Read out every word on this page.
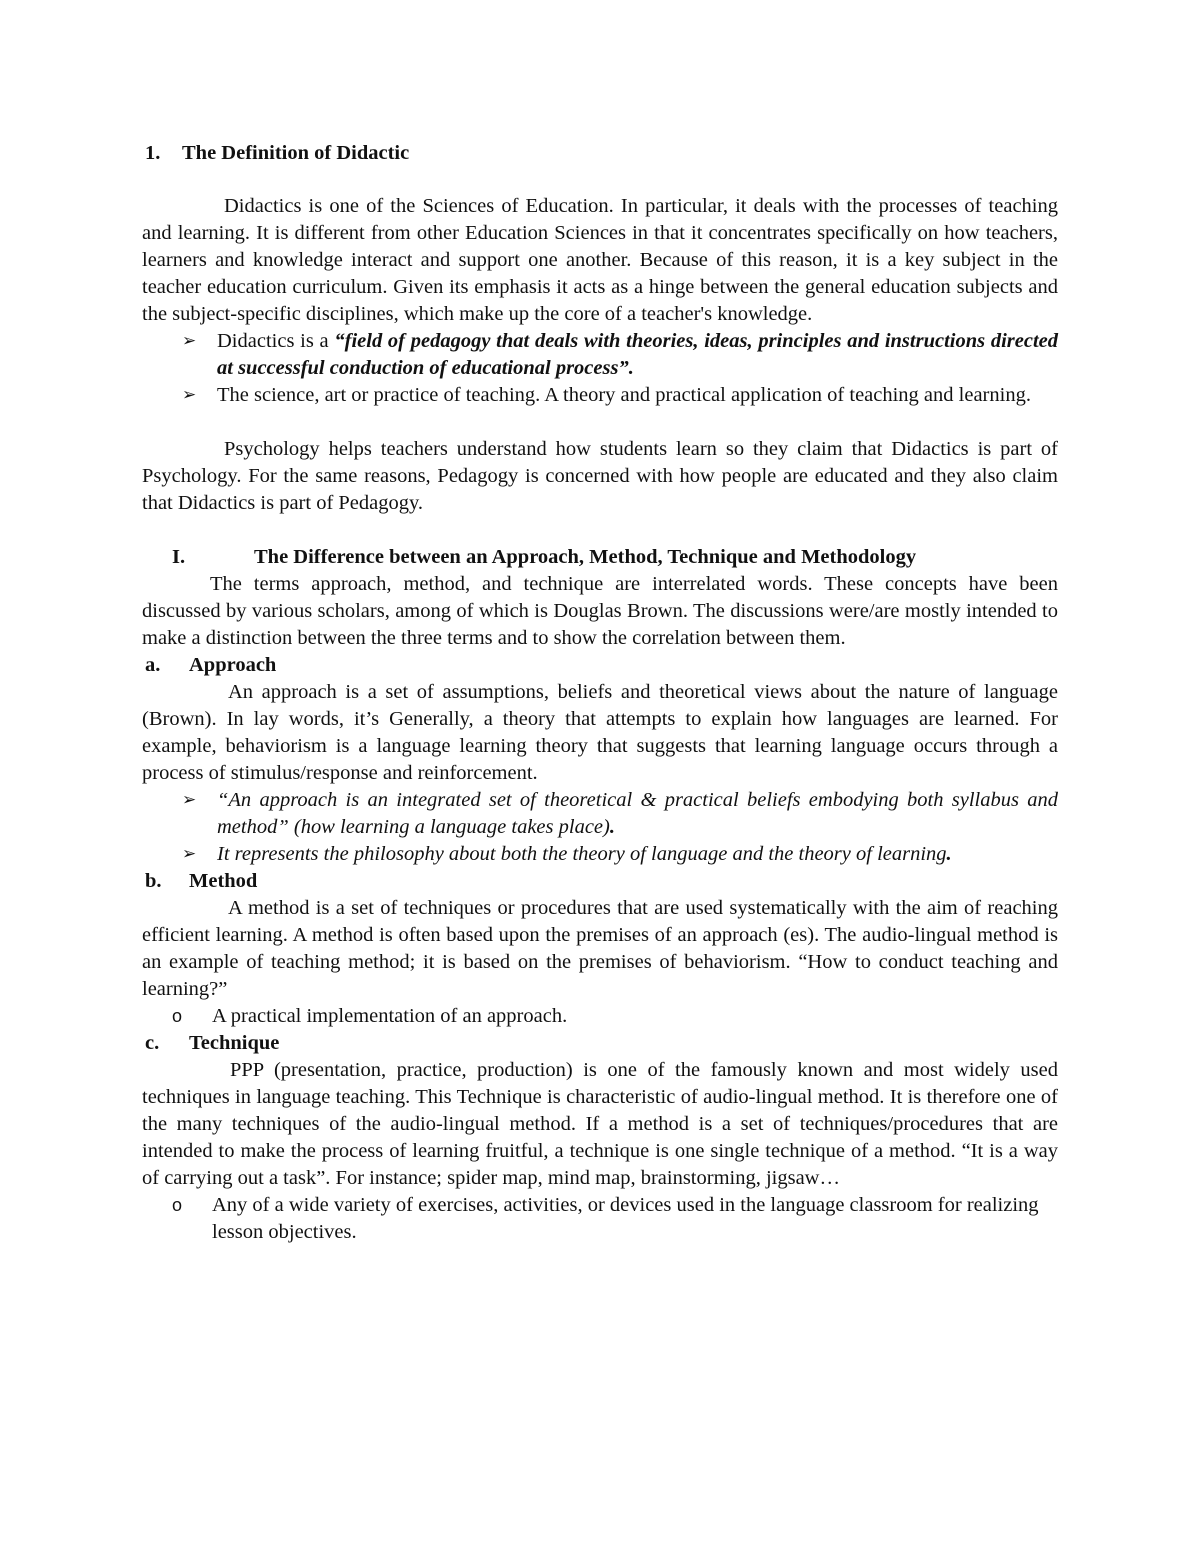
1.	The Definition of Didactic

Didactics is one of the Sciences of Education. In particular, it deals with the processes of teaching and learning. It is different from other Education Sciences in that it concentrates specifically on how teachers, learners and knowledge interact and support one another. Because of this reason, it is a key subject in the teacher education curriculum. Given its emphasis it acts as a hinge between the general education subjects and the subject-specific disciplines, which make up the core of a teacher's knowledge.

➢	Didactics is a “field of pedagogy that deals with theories, ideas, principles and instructions directed at successful conduction of educational process”.
➢	The science, art or practice of teaching. A theory and practical application of teaching and learning.

Psychology helps teachers understand how students learn so they claim that Didactics is part of Psychology. For the same reasons, Pedagogy is concerned with how people are educated and they also claim that Didactics is part of Pedagogy.

I.	The Difference between an Approach, Method, Technique and Methodology

The terms approach, method, and technique are interrelated words. These concepts have been discussed by various scholars, among of which is Douglas Brown. The discussions were/are mostly intended to make a distinction between the three terms and to show the correlation between them.

a.	Approach

An approach is a set of assumptions, beliefs and theoretical views about the nature of language (Brown). In lay words, it’s Generally, a theory that attempts to explain how languages are learned. For example, behaviorism is a language learning theory that suggests that learning language occurs through a process of stimulus/response and reinforcement.

➢	“An approach is an integrated set of theoretical & practical beliefs embodying both syllabus and method” (how learning a language takes place).
➢	It represents the philosophy about both the theory of language and the theory of learning.
b.	Method

A method is a set of techniques or procedures that are used systematically with the aim of reaching efficient learning. A method is often based upon the premises of an approach (es). The audio-lingual method is an example of teaching method; it is based on the premises of behaviorism. “How to conduct teaching and learning?”

o	A practical implementation of an approach.
c.	Technique

PPP (presentation, practice, production) is one of the famously known and most widely used techniques in language teaching. This Technique is characteristic of audio-lingual method. It is therefore one of the many techniques of the audio-lingual method. If a method is a set of techniques/procedures that are intended to make the process of learning fruitful, a technique is one single technique of a method. “It is a way of carrying out a task”. For instance; spider map, mind map, brainstorming, jigsaw…

o	Any of a wide variety of exercises, activities, or devices used in the language classroom for realizing lesson objectives.
